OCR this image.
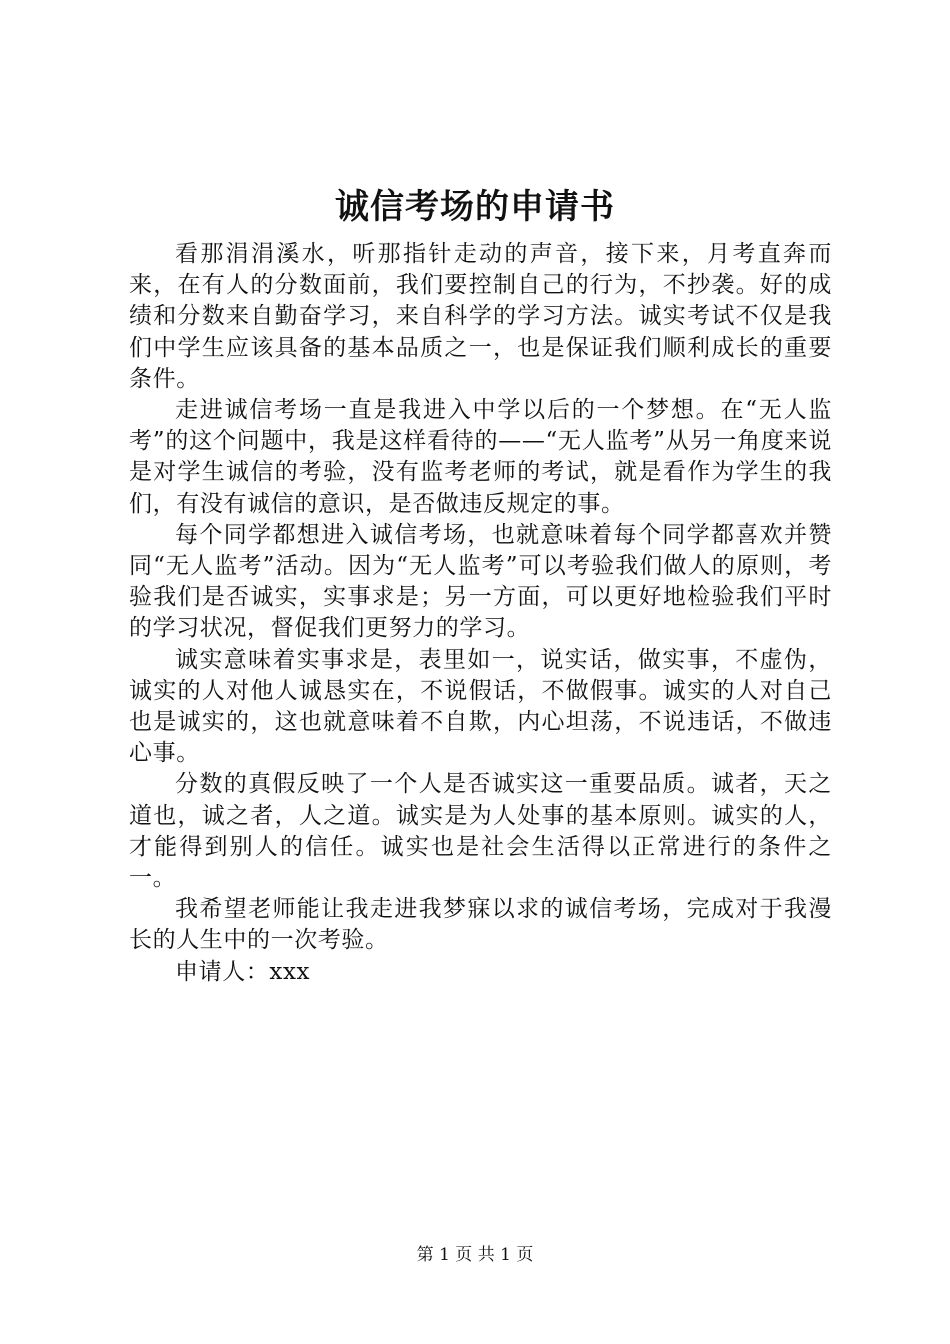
诚信考场的申请书

看那涓涓溪水，听那指针走动的声音，接下来，月考直奔而来，在有人的分数面前，我们要控制自己的行为，不抄袭。好的成绩和分数来自勤奋学习，来自科学的学习方法。诚实考试不仅是我们中学生应该具备的基本品质之一，也是保证我们顺利成长的重要条件。

走进诚信考场一直是我进入中学以后的一个梦想。在“无人监考”的这个问题中，我是这样看待的——“无人监考”从另一角度来说是对学生诚信的考验，没有监考老师的考试，就是看作为学生的我们，有没有诚信的意识，是否做违反规定的事。

每个同学都想进入诚信考场，也就意味着每个同学都喜欢并赞同“无人监考”活动。因为“无人监考”可以考验我们做人的原则，考验我们是否诚实，实事求是；另一方面，可以更好地检验我们平时的学习状况，督促我们更努力的学习。

诚实意味着实事求是，表里如一，说实话，做实事，不虚伪，诚实的人对他人诚恳实在，不说假话，不做假事。诚实的人对自己也是诚实的，这也就意味着不自欺，内心坦荡，不说违话，不做违心事。

分数的真假反映了一个人是否诚实这一重要品质。诚者，天之道也，诚之者，人之道。诚实是为人处事的基本原则。诚实的人，才能得到别人的信任。诚实也是社会生活得以正常进行的条件之一。

我希望老师能让我走进我梦寐以求的诚信考场，完成对于我漫长的人生中的一次考验。

申请人：xxx

第 1 页 共 1 页
